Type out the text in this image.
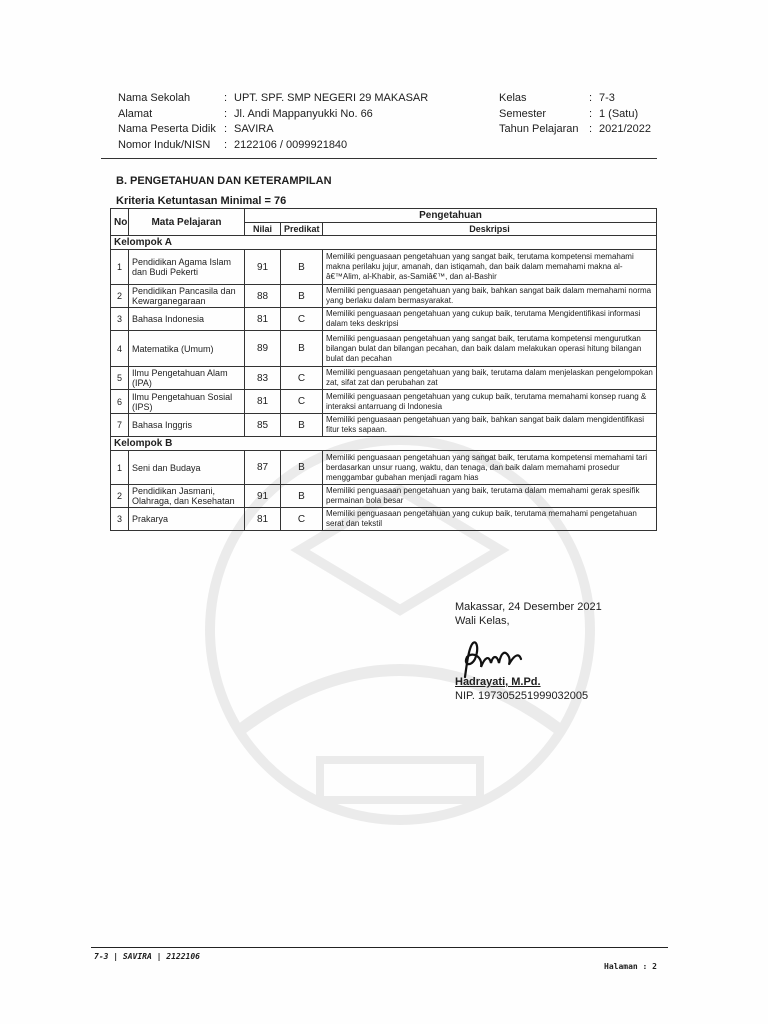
Nama Sekolah	: UPT. SPF. SMP NEGERI 29 MAKASAR
Alamat	: Jl. Andi Mappanyukki No. 66
Nama Peserta Didik : SAVIRA
Nomor Induk/NISN : 2122106 / 0099921840
Kelas	: 7-3
Semester	: 1 (Satu)
Tahun Pelajaran : 2021/2022
B. PENGETAHUAN DAN KETERAMPILAN
Kriteria Ketuntasan Minimal = 76
No	Mata Pelajaran	Pengetahuan		
		Nilai	Predikat	Deskripsi
Kelompok A				
1	Pendidikan Agama Islam dan Budi Pekerti	91	B	Memiliki penguasaan pengetahuan yang sangat baik, terutama kompetensi memahami makna perilaku jujur, amanah, dan istiqamah, dan baik dalam memahami makna al-â€™Alim, al-Khabir, as-Samiâ€™, dan al-Bashir
2	Pendidikan Pancasila dan Kewarganegaraan	88	B	Memiliki penguasaan pengetahuan yang baik, bahkan sangat baik dalam memahami norma yang berlaku dalam bermasyarakat.
3	Bahasa Indonesia	81	C	Memiliki penguasaan pengetahuan yang cukup baik, terutama Mengidentifikasi informasi dalam teks deskripsi
4	Matematika (Umum)	89	B	Memiliki penguasaan pengetahuan yang sangat baik, terutama kompetensi mengurutkan bilangan bulat dan bilangan pecahan, dan baik dalam melakukan operasi hitung bilangan bulat dan pecahan
5	Ilmu Pengetahuan Alam (IPA)	83	C	Memiliki penguasaan pengetahuan yang baik, terutama dalam menjelaskan pengelompokan zat, sifat zat dan perubahan zat
6	Ilmu Pengetahuan Sosial (IPS)	81	C	Memiliki penguasaan pengetahuan yang cukup baik, terutama memahami konsep ruang & interaksi antarruang di Indonesia
7	Bahasa Inggris	85	B	Memiliki penguasaan pengetahuan yang baik, bahkan sangat baik dalam mengidentifikasi fitur teks sapaan.
Kelompok B				
1	Seni dan Budaya	87	B	Memiliki penguasaan pengetahuan yang sangat baik, terutama kompetensi memahami tari berdasarkan unsur ruang, waktu, dan tenaga, dan baik dalam memahami prosedur menggambar gubahan menjadi ragam hias
2	Pendidikan Jasmani, Olahraga, dan Kesehatan	91	B	Memiliki penguasaan pengetahuan yang baik, terutama dalam memahami gerak spesifik permainan bola besar
3	Prakarya	81	C	Memiliki penguasaan pengetahuan yang cukup baik, terutama memahami pengetahuan serat dan tekstil
Makassar, 24 Desember 2021
Wali Kelas,
Hadrayati, M.Pd.
NIP. 197305251999032005
7-3 | SAVIRA | 2122106
Halaman : 2
